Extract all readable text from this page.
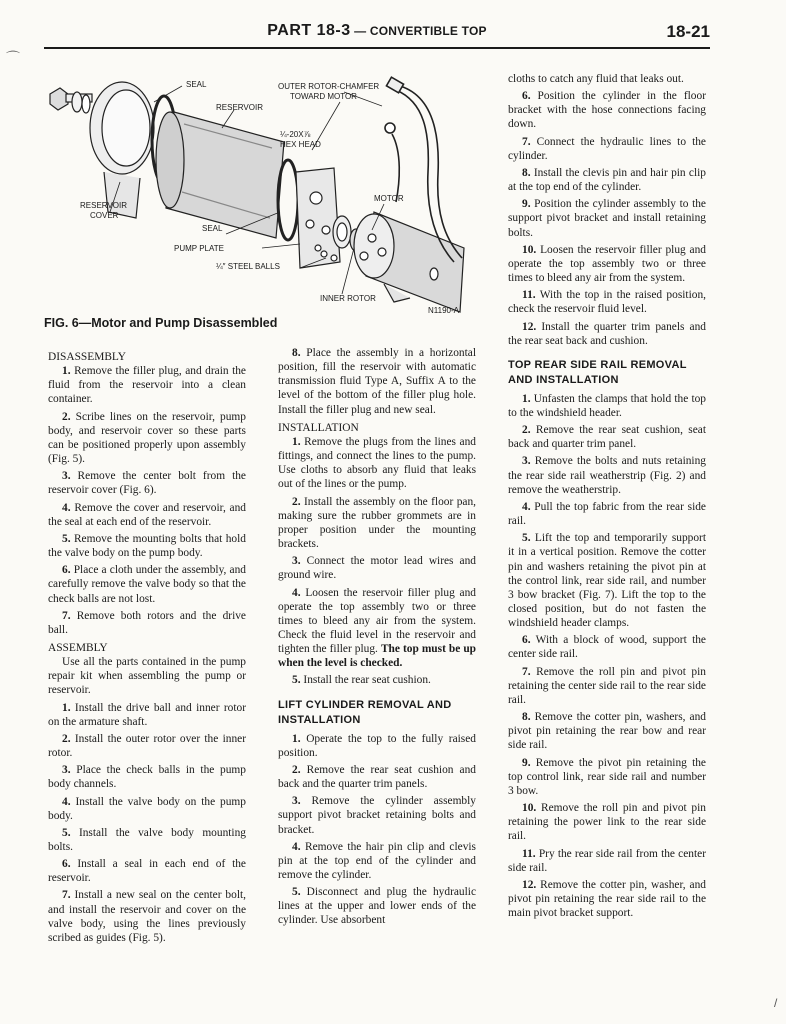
PART 18-3 — CONVERTIBLE TOP	18-21
⌒
SEAL
RESERVOIR
OUTER ROTOR-CHAMFER
TOWARD MOTOR
¼-20X⅞
HEX HEAD
RESERVOIR
COVER
SEAL
MOTOR
PUMP PLATE
¼″ STEEL BALLS
INNER ROTOR
N1190-A
FIG. 6—Motor and Pump Disassembled

DISASSEMBLY

1. Remove the filler plug, and drain the fluid from the reservoir into a clean container.

2. Scribe lines on the reservoir, pump body, and reservoir cover so these parts can be positioned properly upon assembly (Fig. 5).

3. Remove the center bolt from the reservoir cover (Fig. 6).

4. Remove the cover and reservoir, and the seal at each end of the reservoir.

5. Remove the mounting bolts that hold the valve body on the pump body.

6. Place a cloth under the assembly, and carefully remove the valve body so that the check balls are not lost.

7. Remove both rotors and the drive ball.

ASSEMBLY

Use all the parts contained in the pump repair kit when assembling the pump or reservoir.

1. Install the drive ball and inner rotor on the armature shaft.

2. Install the outer rotor over the inner rotor.

3. Place the check balls in the pump body channels.

4. Install the valve body on the pump body.

5. Install the valve body mounting bolts.

6. Install a seal in each end of the reservoir.

7. Install a new seal on the center bolt, and install the reservoir and cover on the valve body, using the lines previously scribed as guides (Fig. 5).

8. Place the assembly in a horizontal position, fill the reservoir with automatic transmission fluid Type A, Suffix A to the level of the bottom of the filler plug hole. Install the filler plug and new seal.

INSTALLATION

1. Remove the plugs from the lines and fittings, and connect the lines to the pump. Use cloths to absorb any fluid that leaks out of the lines or the pump.

2. Install the assembly on the floor pan, making sure the rubber grommets are in proper position under the mounting brackets.

3. Connect the motor lead wires and ground wire.

4. Loosen the reservoir filler plug and operate the top assembly two or three times to bleed any air from the system. Check the fluid level in the reservoir and tighten the filler plug. The top must be up when the level is checked.

5. Install the rear seat cushion.

LIFT CYLINDER REMOVAL AND INSTALLATION

1. Operate the top to the fully raised position.

2. Remove the rear seat cushion and back and the quarter trim panels.

3. Remove the cylinder assembly support pivot bracket retaining bolts and bracket.

4. Remove the hair pin clip and clevis pin at the top end of the cylinder and remove the cylinder.

5. Disconnect and plug the hydraulic lines at the upper and lower ends of the cylinder. Use absorbent

cloths to catch any fluid that leaks out.

6. Position the cylinder in the floor bracket with the hose connections facing down.

7. Connect the hydraulic lines to the cylinder.

8. Install the clevis pin and hair pin clip at the top end of the cylinder.

9. Position the cylinder assembly to the support pivot bracket and install retaining bolts.

10. Loosen the reservoir filler plug and operate the top assembly two or three times to bleed any air from the system.

11. With the top in the raised position, check the reservoir fluid level.

12. Install the quarter trim panels and the rear seat back and cushion.

TOP REAR SIDE RAIL REMOVAL AND INSTALLATION

1. Unfasten the clamps that hold the top to the windshield header.

2. Remove the rear seat cushion, seat back and quarter trim panel.

3. Remove the bolts and nuts retaining the rear side rail weatherstrip (Fig. 2) and remove the weatherstrip.

4. Pull the top fabric from the rear side rail.

5. Lift the top and temporarily support it in a vertical position. Remove the cotter pin and washers retaining the pivot pin at the control link, rear side rail, and number 3 bow bracket (Fig. 7). Lift the top to the closed position, but do not fasten the windshield header clamps.

6. With a block of wood, support the center side rail.

7. Remove the roll pin and pivot pin retaining the center side rail to the rear side rail.

8. Remove the cotter pin, washers, and pivot pin retaining the rear bow and rear side rail.

9. Remove the pivot pin retaining the top control link, rear side rail and number 3 bow.

10. Remove the roll pin and pivot pin retaining the power link to the rear side rail.

11. Pry the rear side rail from the center side rail.

12. Remove the cotter pin, washer, and pivot pin retaining the rear side rail to the main pivot bracket support.

/
